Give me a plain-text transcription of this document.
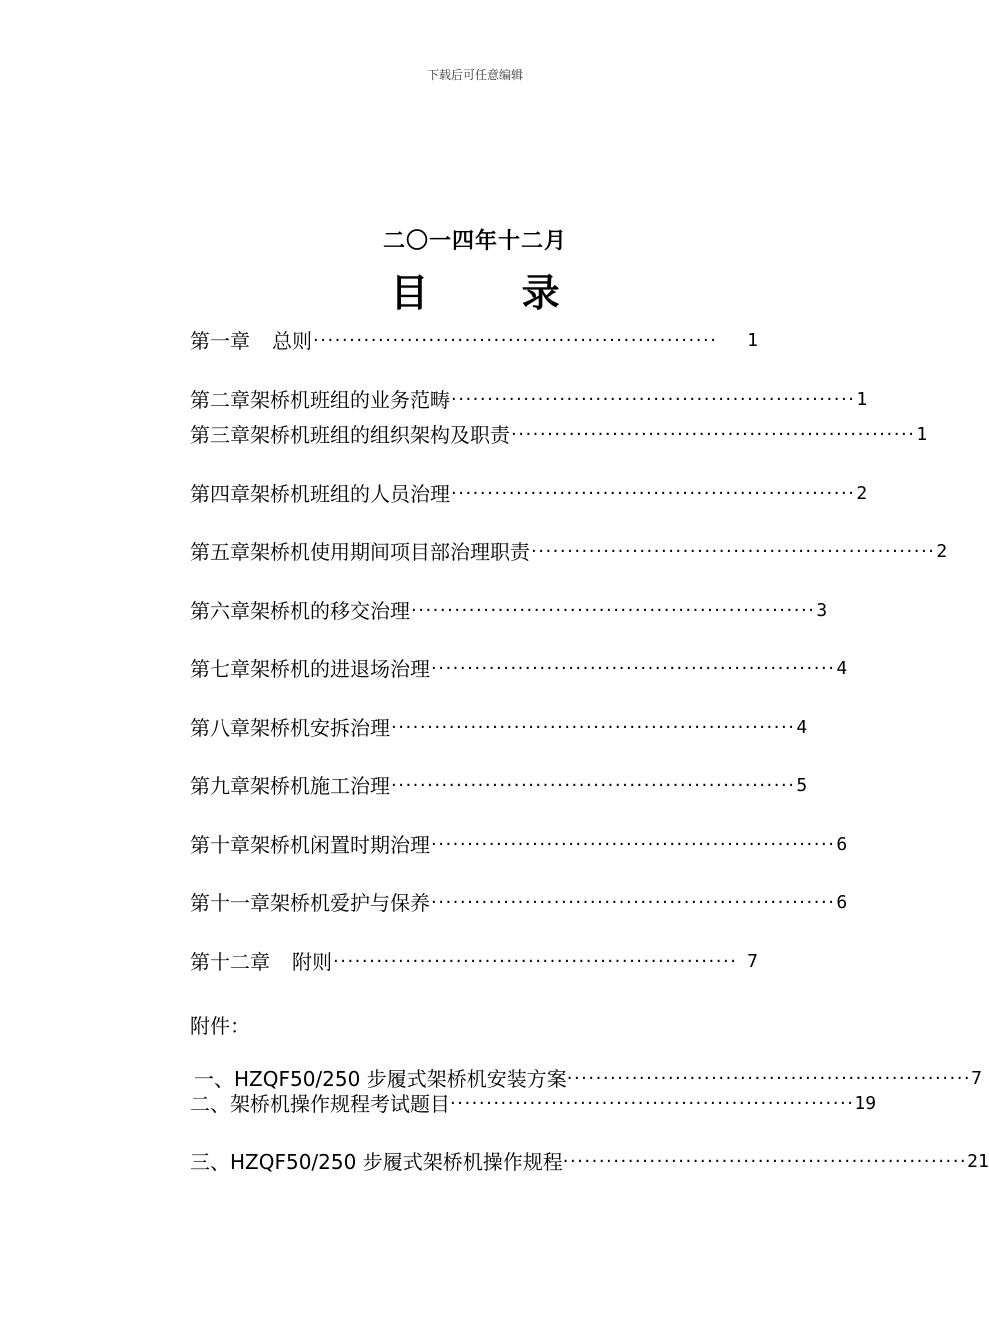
下载后可任意编辑
二〇一四年十二月
目 录
第一章 总则 ························································	1
第二章 架桥机班组的业务范畴 ························································ 1
第三章 架桥机班组的组织架构及职责 ························································ 1
第四章 架桥机班组的人员治理 ························································ 2
第五章 架桥机使用期间项目部治理职责 ························································ 2
第六章 架桥机的移交治理 ························································ 3
第七章 架桥机的进退场治理 ························································ 4
第八章 架桥机安拆治理 ························································ 4
第九章 架桥机施工治理 ························································ 5
第十章 架桥机闲置时期治理 ························································ 6
第十一章 架桥机爱护与保养 ························································ 6
第十二章 附则 ························································ 7
附件：
一、HZQF50/250 步履式架桥机安装方案 ························································ 7
二、架桥机操作规程考试题目 ························································ 19
三、HZQF50/250 步履式架桥机操作规程 ························································ 21
